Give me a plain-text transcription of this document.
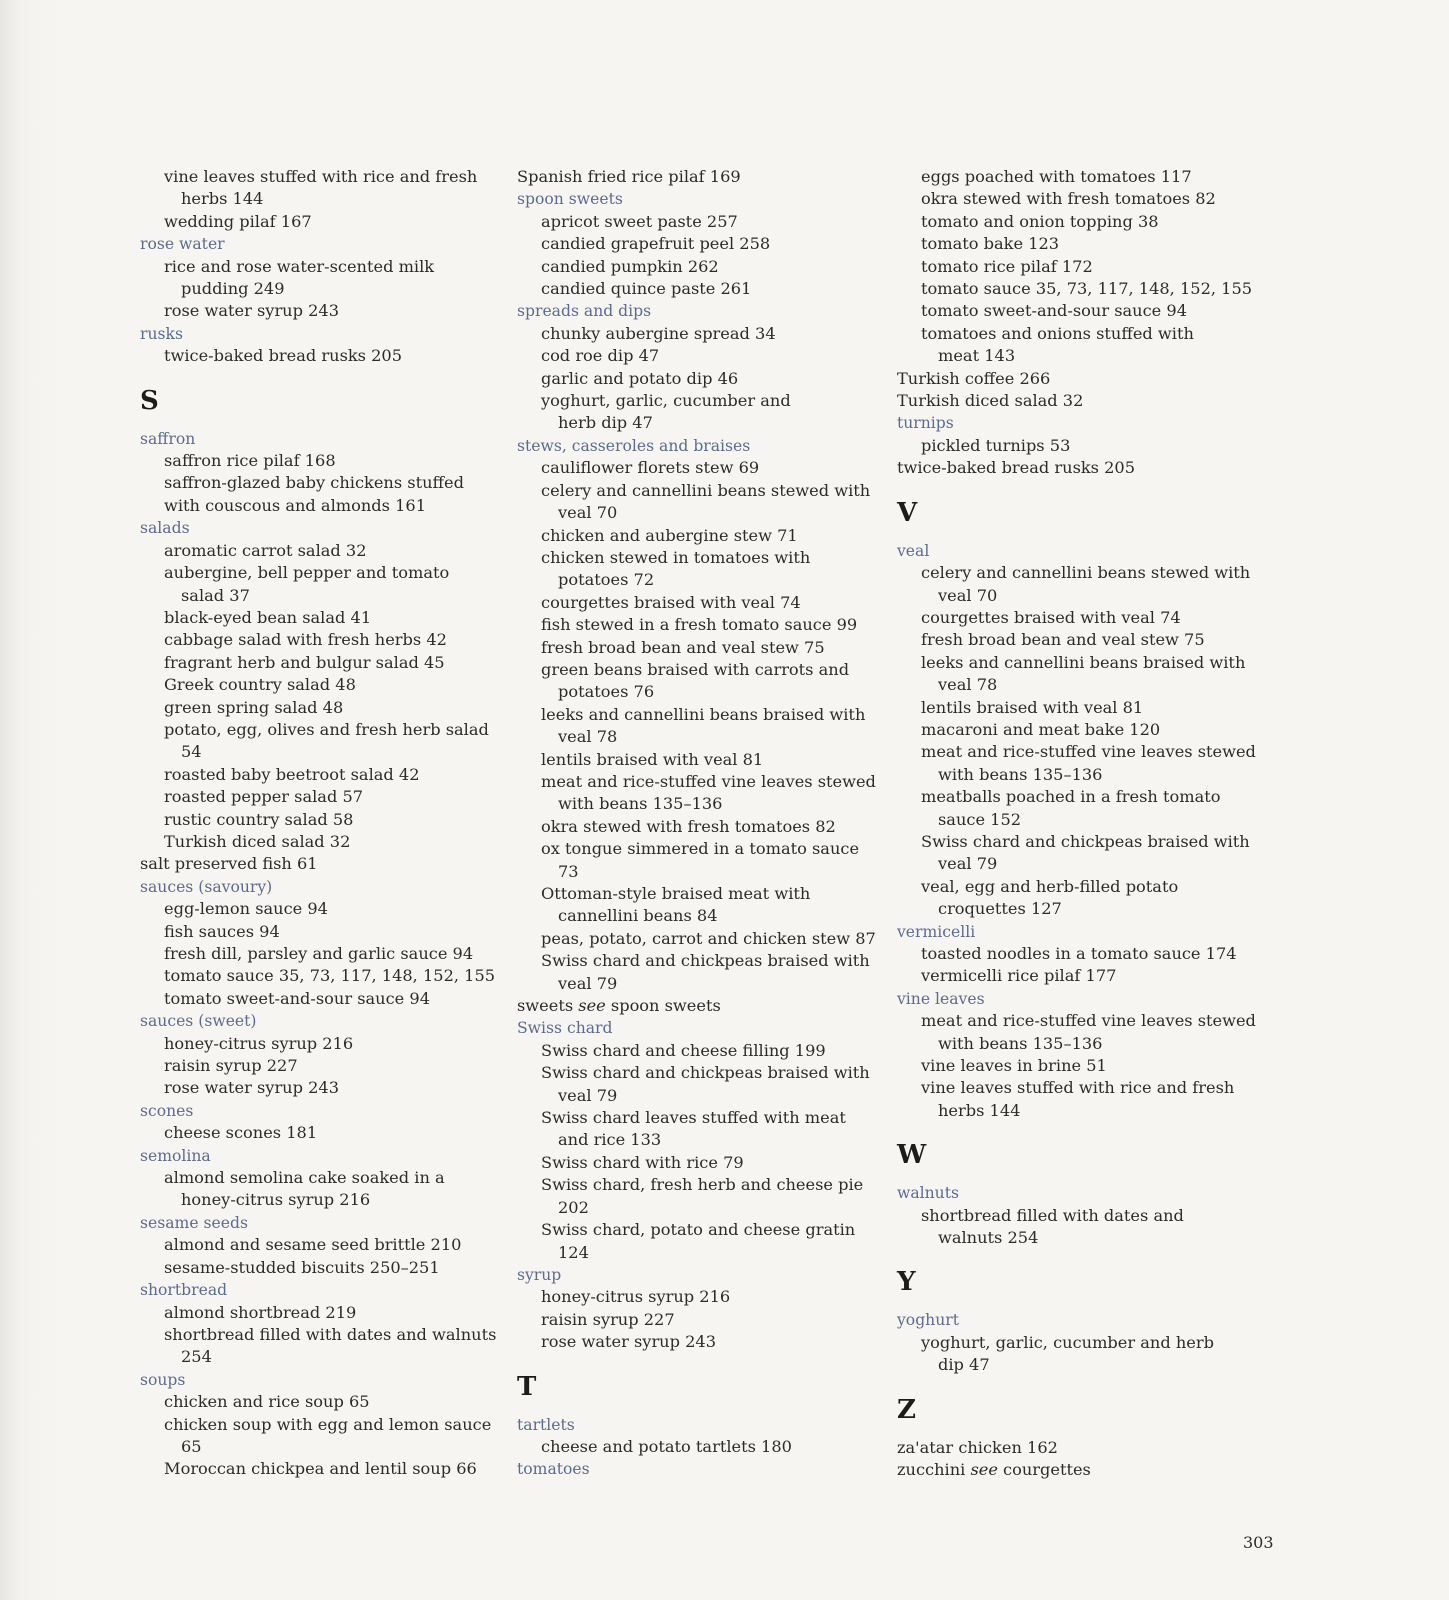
vine leaves stuffed with rice and fresh
herbs 144
wedding pilaf 167
rose water
rice and rose water-scented milk
pudding 249
rose water syrup 243
rusks
twice-baked bread rusks 205
S
saffron
saffron rice pilaf 168
saffron-glazed baby chickens stuffed
with couscous and almonds 161
salads
aromatic carrot salad 32
aubergine, bell pepper and tomato
salad 37
black-eyed bean salad 41
cabbage salad with fresh herbs 42
fragrant herb and bulgur salad 45
Greek country salad 48
green spring salad 48
potato, egg, olives and fresh herb salad
54
roasted baby beetroot salad 42
roasted pepper salad 57
rustic country salad 58
Turkish diced salad 32
salt preserved fish 61
sauces (savoury)
egg-lemon sauce 94
fish sauces 94
fresh dill, parsley and garlic sauce 94
tomato sauce 35, 73, 117, 148, 152, 155
tomato sweet-and-sour sauce 94
sauces (sweet)
honey-citrus syrup 216
raisin syrup 227
rose water syrup 243
scones
cheese scones 181
semolina
almond semolina cake soaked in a
honey-citrus syrup 216
sesame seeds
almond and sesame seed brittle 210
sesame-studded biscuits 250–251
shortbread
almond shortbread 219
shortbread filled with dates and walnuts
254
soups
chicken and rice soup 65
chicken soup with egg and lemon sauce
65
Moroccan chickpea and lentil soup 66
Spanish fried rice pilaf 169
spoon sweets
apricot sweet paste 257
candied grapefruit peel 258
candied pumpkin 262
candied quince paste 261
spreads and dips
chunky aubergine spread 34
cod roe dip 47
garlic and potato dip 46
yoghurt, garlic, cucumber and
herb dip 47
stews, casseroles and braises
cauliflower florets stew 69
celery and cannellini beans stewed with
veal 70
chicken and aubergine stew 71
chicken stewed in tomatoes with
potatoes 72
courgettes braised with veal 74
fish stewed in a fresh tomato sauce 99
fresh broad bean and veal stew 75
green beans braised with carrots and
potatoes 76
leeks and cannellini beans braised with
veal 78
lentils braised with veal 81
meat and rice-stuffed vine leaves stewed
with beans 135–136
okra stewed with fresh tomatoes 82
ox tongue simmered in a tomato sauce
73
Ottoman-style braised meat with
cannellini beans 84
peas, potato, carrot and chicken stew 87
Swiss chard and chickpeas braised with
veal 79
sweets see spoon sweets
Swiss chard
Swiss chard and cheese filling 199
Swiss chard and chickpeas braised with
veal 79
Swiss chard leaves stuffed with meat
and rice 133
Swiss chard with rice 79
Swiss chard, fresh herb and cheese pie
202
Swiss chard, potato and cheese gratin
124
syrup
honey-citrus syrup 216
raisin syrup 227
rose water syrup 243
T
tartlets
cheese and potato tartlets 180
tomatoes
eggs poached with tomatoes 117
okra stewed with fresh tomatoes 82
tomato and onion topping 38
tomato bake 123
tomato rice pilaf 172
tomato sauce 35, 73, 117, 148, 152, 155
tomato sweet-and-sour sauce 94
tomatoes and onions stuffed with
meat 143
Turkish coffee 266
Turkish diced salad 32
turnips
pickled turnips 53
twice-baked bread rusks 205
V
veal
celery and cannellini beans stewed with
veal 70
courgettes braised with veal 74
fresh broad bean and veal stew 75
leeks and cannellini beans braised with
veal 78
lentils braised with veal 81
macaroni and meat bake 120
meat and rice-stuffed vine leaves stewed
with beans 135–136
meatballs poached in a fresh tomato
sauce 152
Swiss chard and chickpeas braised with
veal 79
veal, egg and herb-filled potato
croquettes 127
vermicelli
toasted noodles in a tomato sauce 174
vermicelli rice pilaf 177
vine leaves
meat and rice-stuffed vine leaves stewed
with beans 135–136
vine leaves in brine 51
vine leaves stuffed with rice and fresh
herbs 144
W
walnuts
shortbread filled with dates and
walnuts 254
Y
yoghurt
yoghurt, garlic, cucumber and herb
dip 47
Z
za'atar chicken 162
zucchini see courgettes
303
